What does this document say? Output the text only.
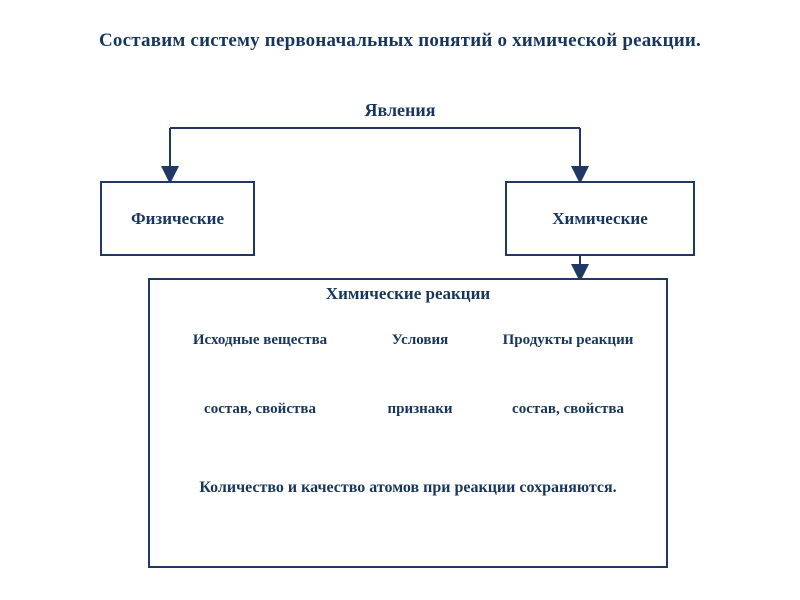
Составим систему первоначальных понятий о химической реакции.
Явления
Физические	Химические
Химические реакции
Исходные вещества	Условия	Продукты реакции
состав, свойства	признаки	состав, свойства
Количество и качество атомов при реакции сохраняются.
